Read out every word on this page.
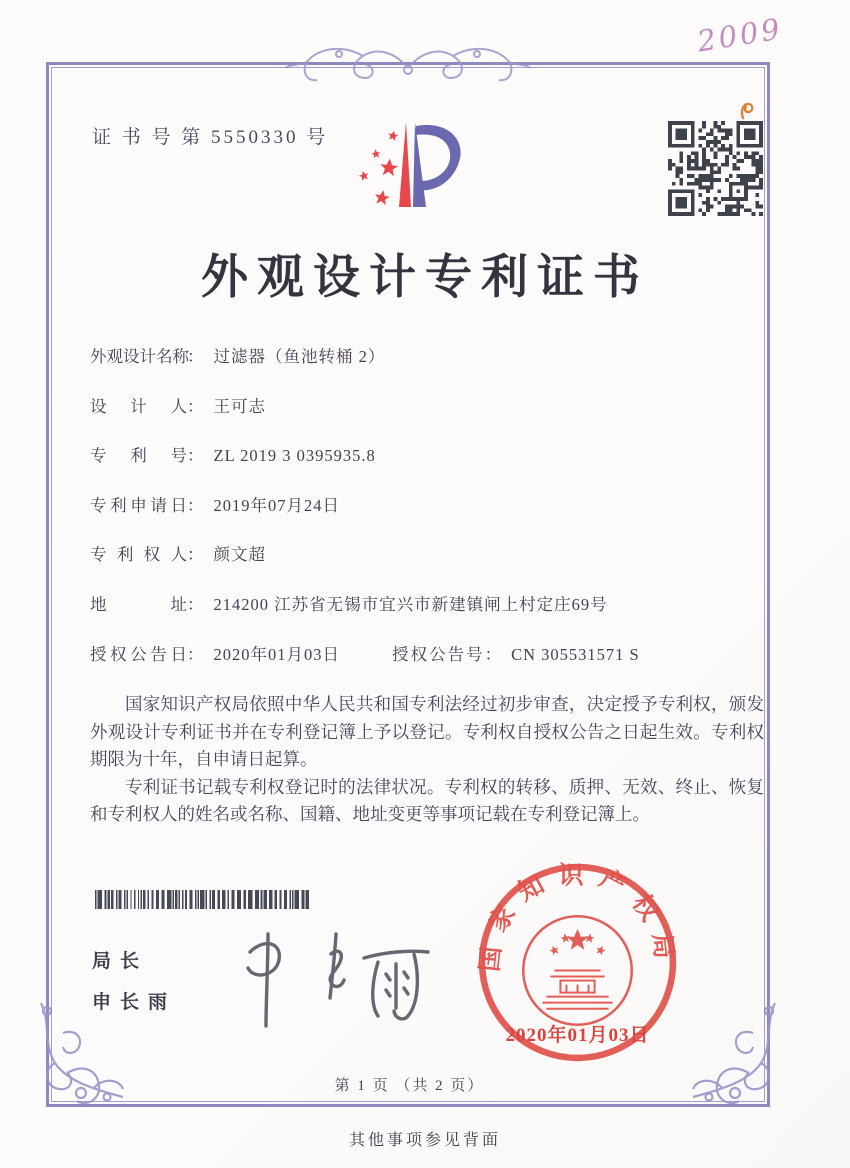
2009
证 书 号 第 5550330 号
外观设计专利证书
外观设计名称： 过滤器（鱼池转桶 2）
设计人： 王可志
专利号： ZL 2019 3 0395935.8
专利申请日： 2019年07月24日
专利权人： 颜文超
地址： 214200 江苏省无锡市宜兴市新建镇闸上村定庄69号
授权公告日： 2020年01月03日	授权公告号： CN 305531571 S

国家知识产权局依照中华人民共和国专利法经过初步审查，决定授予专利权，颁发外观设计专利证书并在专利登记簿上予以登记。专利权自授权公告之日起生效。专利权期限为十年，自申请日起算。

专利证书记载专利权登记时的法律状况。专利权的转移、质押、无效、终止、恢复和专利权人的姓名或名称、国籍、地址变更等事项记载在专利登记簿上。

局长
申长雨
国家知识产权局
2020年01月03日
第 1 页 （共 2 页）
其他事项参见背面
